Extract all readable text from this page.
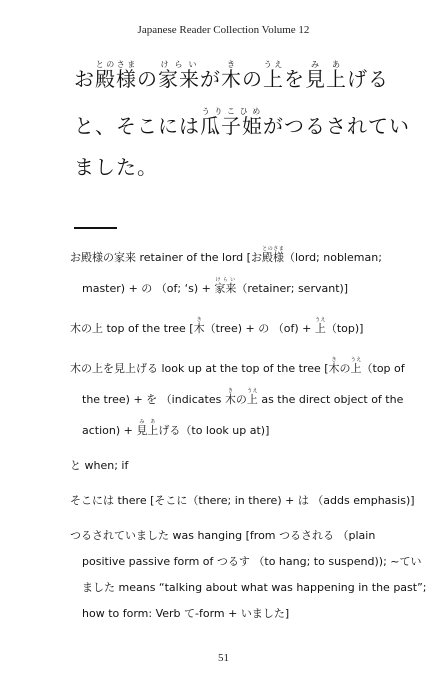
Japanese Reader Collection Volume 12
お殿様とのさまの家来けらいが木きの上うえを見み上あげる
と、そこには瓜子姫うりこひめがつるされてい
ました。
お殿様の家来 retainer of the lord [お殿様とのさま（lord; nobleman;
master) + の （of; ‘s) + 家来けらい（retainer; servant)]
木の上 top of the tree [木き（tree) + の （of) + 上うえ（top)]
木の上を見上げる look up at the top of the tree [木きの上うえ（top of
the tree) + を （indicates 木きの上うえ as the direct object of the
action) + 見み上あげる（to look up at)]
と when; if
そこには there [そこに（there; in there) + は （adds emphasis)]
つるされていました was hanging [from つるされる （plain
positive passive form of つるす （to hang; to suspend)); ~てい
ました means “talking about what was happening in the past”;
how to form: Verb て-form + いました]
51
